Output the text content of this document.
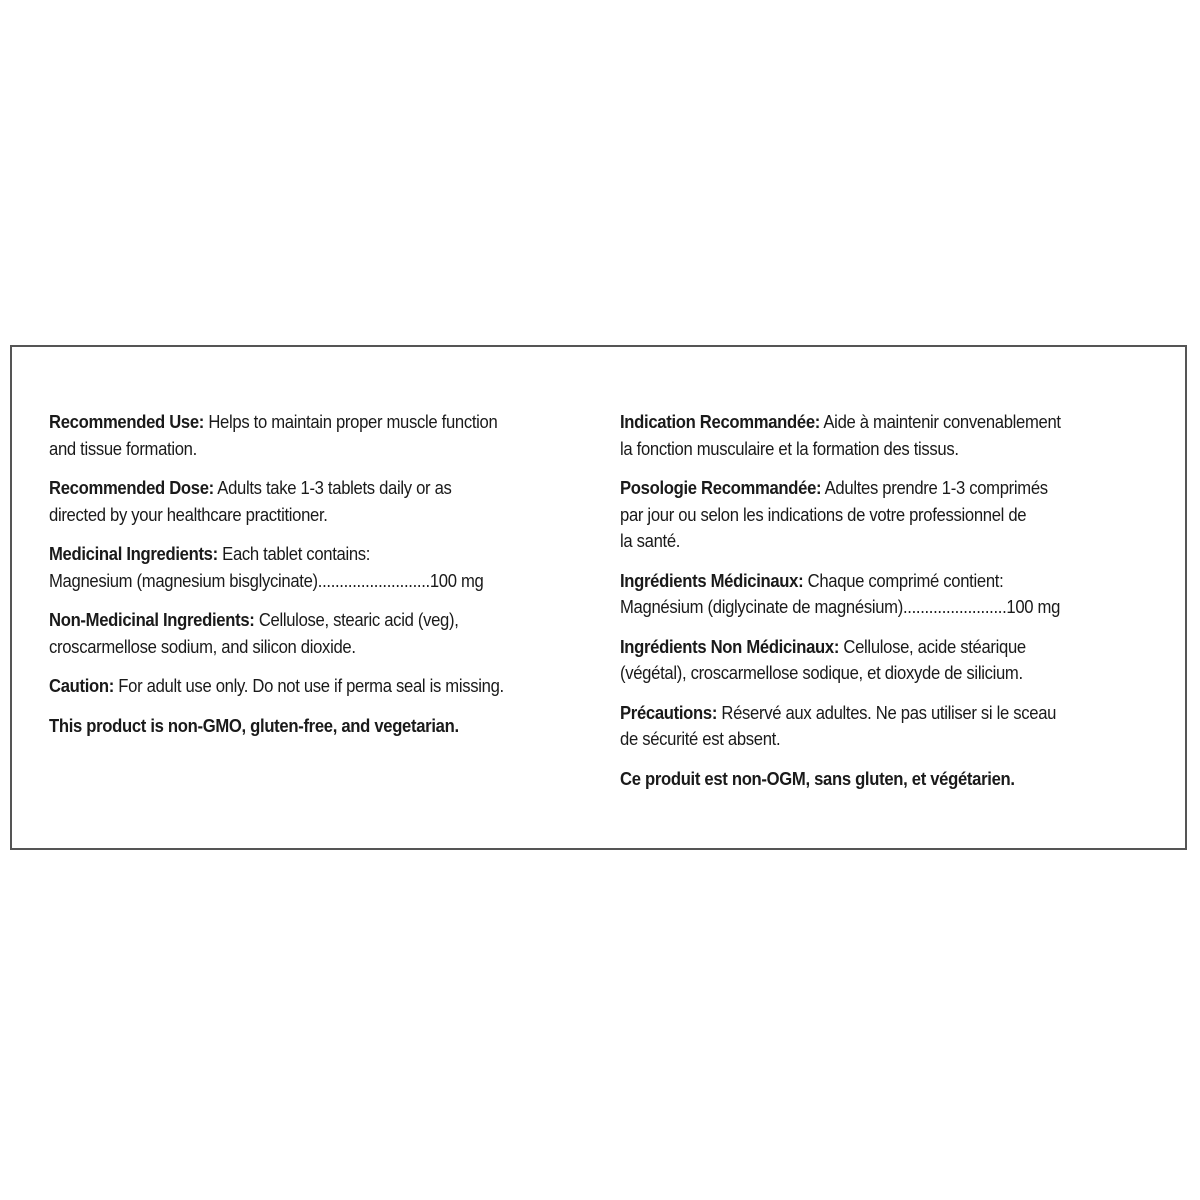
Recommended Use: Helps to maintain proper muscle function
and tissue formation.

Recommended Dose: Adults take 1-3 tablets daily or as
directed by your healthcare practitioner.

Medicinal Ingredients: Each tablet contains:
Magnesium (magnesium bisglycinate)..........................100 mg

Non-Medicinal Ingredients: Cellulose, stearic acid (veg),
croscarmellose sodium, and silicon dioxide.

Caution: For adult use only. Do not use if perma seal is missing.

This product is non-GMO, gluten-free, and vegetarian.

Indication Recommandée: Aide à maintenir convenablement
la fonction musculaire et la formation des tissus.

Posologie Recommandée: Adultes prendre 1-3 comprimés
par jour ou selon les indications de votre professionnel de
la santé.

Ingrédients Médicinaux: Chaque comprimé contient:
Magnésium (diglycinate de magnésium)........................100 mg

Ingrédients Non Médicinaux: Cellulose, acide stéarique
(végétal), croscarmellose sodique, et dioxyde de silicium.

Précautions: Réservé aux adultes. Ne pas utiliser si le sceau
de sécurité est absent.

Ce produit est non-OGM, sans gluten, et végétarien.
